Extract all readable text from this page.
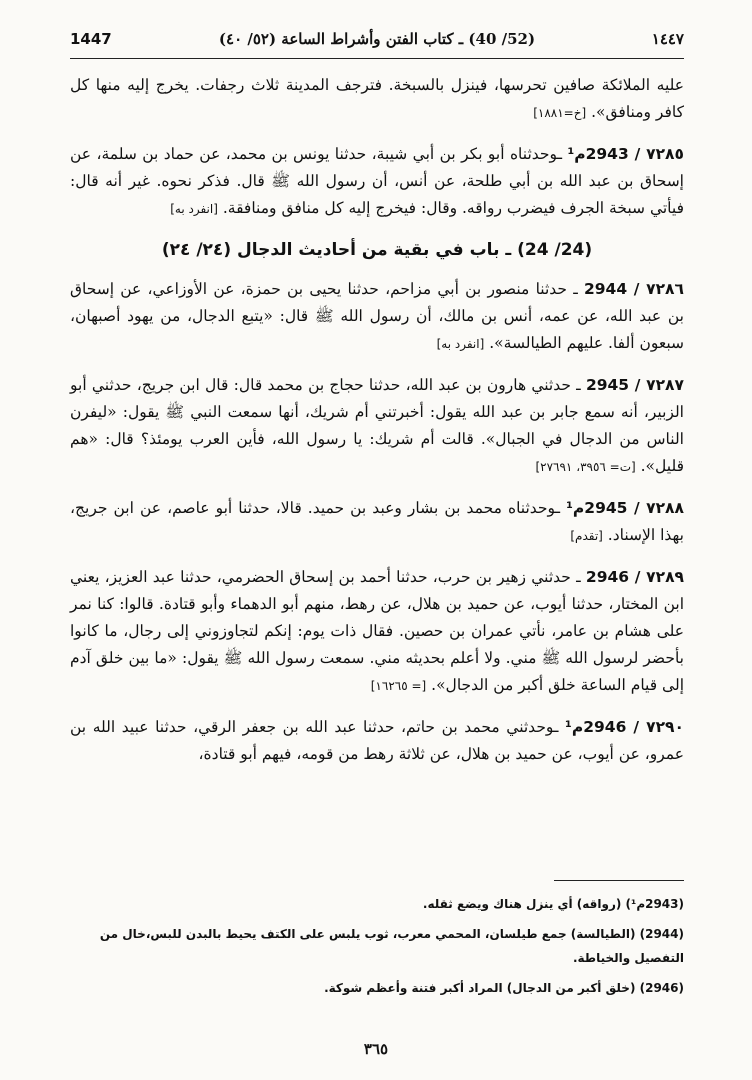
1447	(52/ 40) ـ كتاب الفتن وأشراط الساعة (٥٢/ ٤٠)	١٤٤٧

عليه الملائكة صافين تحرسها، فينزل بالسبخة. فترجف المدينة ثلاث رجفات. يخرج إليه منها كل كافر ومنافق». [خ=١٨٨١]

٧٢٨٥ / 2943م¹ ـوحدثناه أبو بكر بن أبي شيبة، حدثنا يونس بن محمد، عن حماد بن سلمة، عن إسحاق بن عبد الله بن أبي طلحة، عن أنس، أن رسول الله ﷺ قال. فذكر نحوه. غير أنه قال: فيأتي سبخة الجرف فيضرب رواقه. وقال: فيخرج إليه كل منافق ومنافقة. [انفرد به]

(24/ 24) ـ باب في بقية من أحاديث الدجال (٢٤/ ٢٤)

٧٢٨٦ / 2944 ـ حدثنا منصور بن أبي مزاحم، حدثنا يحيى بن حمزة، عن الأوزاعي، عن إسحاق بن عبد الله، عن عمه، أنس بن مالك، أن رسول الله ﷺ قال: «يتبع الدجال، من يهود أصبهان، سبعون ألفا. عليهم الطيالسة». [انفرد به]

٧٢٨٧ / 2945 ـ حدثني هارون بن عبد الله، حدثنا حجاج بن محمد قال: قال ابن جريج، حدثني أبو الزبير، أنه سمع جابر بن عبد الله يقول: أخبرتني أم شريك، أنها سمعت النبي ﷺ يقول: «ليفرن الناس من الدجال في الجبال». قالت أم شريك: يا رسول الله، فأين العرب يومئذ؟ قال: «هم قليل». [ت= ٣٩٥٦، ٢٧٦٩١]

٧٢٨٨ / 2945م¹ ـوحدثناه محمد بن بشار وعبد بن حميد. قالا، حدثنا أبو عاصم، عن ابن جريج، بهذا الإسناد. [تقدم]

٧٢٨٩ / 2946 ـ حدثني زهير بن حرب، حدثنا أحمد بن إسحاق الحضرمي، حدثنا عبد العزيز، يعني ابن المختار، حدثنا أيوب، عن حميد بن هلال، عن رهط، منهم أبو الدهماء وأبو قتادة. قالوا: كنا نمر على هشام بن عامر، نأتي عمران بن حصين. فقال ذات يوم: إنكم لتجاوزوني إلى رجال، ما كانوا بأحضر لرسول الله ﷺ مني. ولا أعلم بحديثه مني. سمعت رسول الله ﷺ يقول: «ما بين خلق آدم إلى قيام الساعة خلق أكبر من الدجال». [= ١٦٢٦٥]

٧٢٩٠ / 2946م¹ ـوحدثني محمد بن حاتم، حدثنا عبد الله بن جعفر الرقي، حدثنا عبيد الله بن عمرو، عن أيوب، عن حميد بن هلال، عن ثلاثة رهط من قومه، فيهم أبو قتادة،

(2943م¹) (رواقه) أي ينزل هناك ويضع ثقله.

(2944) (الطيالسة) جمع طيلسان، المحمي معرب، ثوب يلبس على الكتف يحيط بالبدن للبس،خال من التفصيل والخياطة.

(2946) (خلق أكبر من الدجال) المراد أكبر فتنة وأعظم شوكة.

٣٦٥
